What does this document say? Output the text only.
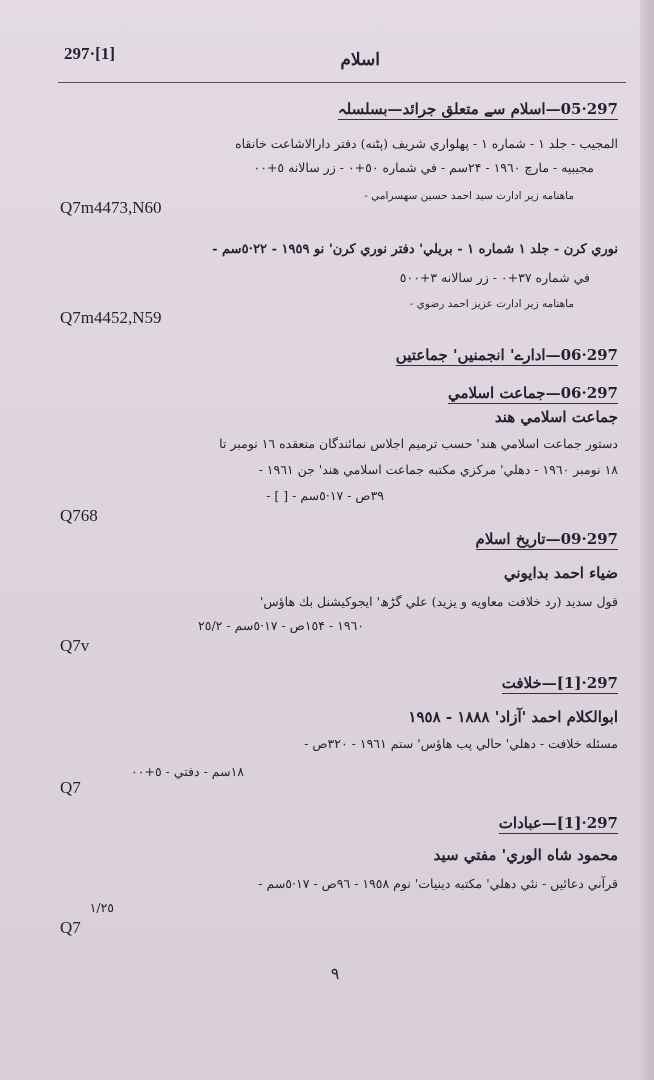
297·[1]	اسلام
297·05—اسلام سے متعلق جرائد—بسلسلہ
المجيب - جلد ١ - شماره ١ - پهلواري شريف (پٹنه) دفتر دارالاشاعت خانقاه
مجيبيه - مارچ ١٩٦٠ - ٢۴سم - في شماره ٥٠+٠ - زر سالانه ٥+٠٠
ماهنامه زير ادارت سيد احمد حسين سهسرامي -
Q7m4473,N60
نوري كرن - جلد ١ شماره ١ - بريلي' دفتر نوري كرن' نو ١٩٥٩ - ٢٢·٥سم -
في شماره ٣٧+٠ - زر سالانه ٣+٥٠٠
ماهنامه زير ادارت عزيز احمد رضوي -
Q7m4452,N59
297·06—ادارے' انجمنیں' جماعتیں
297·06—جماعت اسلامي
جماعت اسلامي هند
دستور جماعت اسلامي هند' حسب ترميم اجلاس نمائندگان منعقده ١٦ نومبر تا
١٨ نومبر ١٩٦٠ - دهلي' مركزي مكتبه جماعت اسلامي هند' جن ١٩٦١ -
٣٩ص - ١٧·٥سم - [ ] -
Q768
297·09—تاريخ اسلام
ضياء احمد بدايوني
قول سديد (رد خلافت معاويه و يزيد) علي گڑھ' ايجوكيشنل بك هاؤس'
١٩٦٠ - ١٥۴ص - ١٧·٥سم - ٢٥/٢
Q7v
297·[1]—خلافت
ابوالكلام احمد 'آزاد' ١٨٨٨ - ١٩٥٨
مسئله خلافت - دهلي' حالي پب هاؤس' ستم ١٩٦١ - ٣٢٠ص -
١٨سم - دفتي - ٥+٠٠
Q7
297·[1]—عبادات
محمود شاه الوري' مفتي سيد
قرآني دعائيں - نئي دهلي' مكتبه دينيات' نوم ١٩٥٨ - ٩٦ص - ١٧·٥سم -
١/٢٥
Q7
٩
